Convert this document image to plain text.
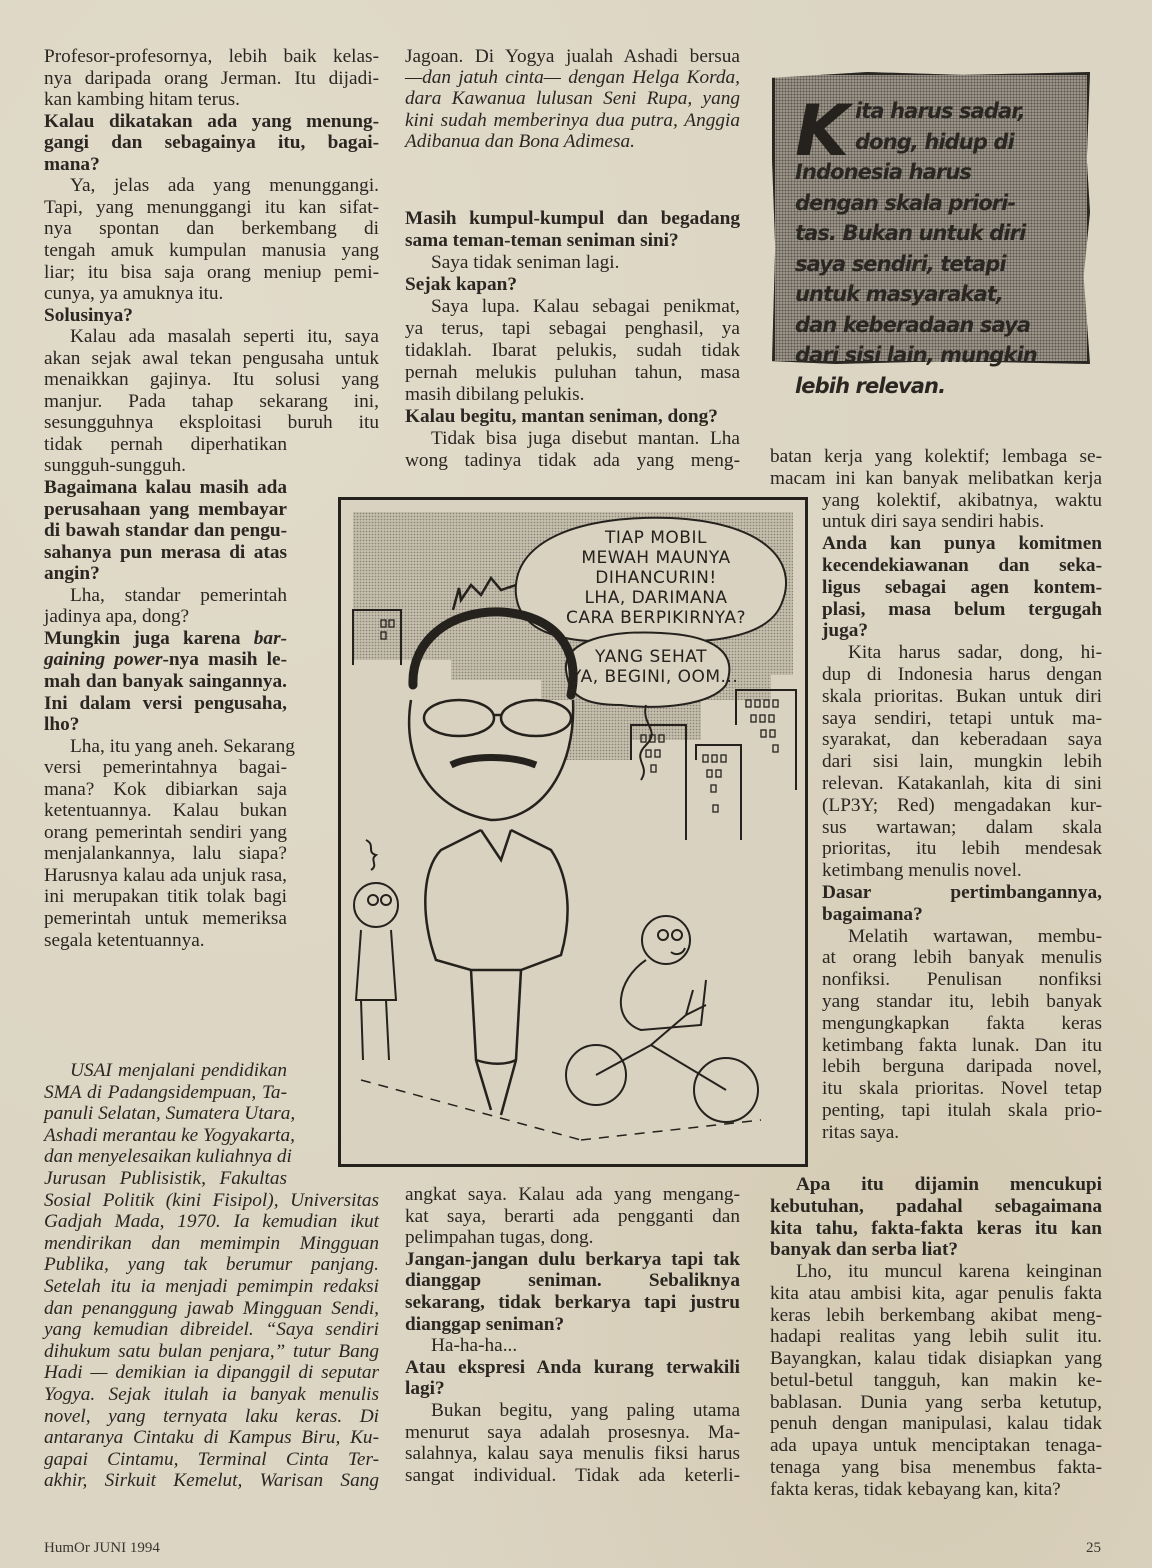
Profesor-profesornya, lebih baik kelas-
nya daripada orang Jerman. Itu dijadi-
kan kambing hitam terus.
Kalau dikatakan ada yang menung-
gangi dan sebagainya itu, bagai-
mana?
Ya, jelas ada yang menunggangi.
Tapi, yang menunggangi itu kan sifat-
nya spontan dan berkembang di
tengah amuk kumpulan manusia yang
liar; itu bisa saja orang meniup pemi-
cunya, ya amuknya itu.
Solusinya?
Kalau ada masalah seperti itu, saya
akan sejak awal tekan pengusaha untuk
menaikkan gajinya. Itu solusi yang
manjur. Pada tahap sekarang ini,
sesungguhnya eksploitasi buruh itu
tidak pernah diperhatikan
sungguh-sungguh.
Bagaimana kalau masih ada
perusahaan yang membayar
di bawah standar dan pengu-
sahanya pun merasa di atas
angin?
Lha, standar pemerintah
jadinya apa, dong?
Mungkin juga karena bar-
gaining power-nya masih le-
mah dan banyak saingannya.
Ini dalam versi pengusaha,
lho?
Lha, itu yang aneh. Sekarang
versi pemerintahnya bagai-
mana? Kok dibiarkan saja
ketentuannya. Kalau bukan
orang pemerintah sendiri yang
menjalankannya, lalu siapa?
Harusnya kalau ada unjuk rasa,
ini merupakan titik tolak bagi
pemerintah untuk memeriksa
segala ketentuannya.
USAI menjalani pendidikan
SMA di Padangsidempuan, Ta-
panuli Selatan, Sumatera Utara,
Ashadi merantau ke Yogyakarta,
dan menyelesaikan kuliahnya di
Jurusan Publisistik, Fakultas
Sosial Politik (kini Fisipol), Universitas
Gadjah Mada, 1970. Ia kemudian ikut
mendirikan dan memimpin Mingguan
Publika, yang tak berumur panjang.
Setelah itu ia menjadi pemimpin redaksi
dan penanggung jawab Mingguan Sendi,
yang kemudian dibreidel. “Saya sendiri
dihukum satu bulan penjara,” tutur Bang
Hadi — demikian ia dipanggil di seputar
Yogya. Sejak itulah ia banyak menulis
novel, yang ternyata laku keras. Di
antaranya Cintaku di Kampus Biru, Ku-
gapai Cintamu, Terminal Cinta Ter-
akhir, Sirkuit Kemelut, Warisan Sang
Jagoan. Di Yogya jualah Ashadi bersua
—dan jatuh cinta— dengan Helga Korda,
dara Kawanua lulusan Seni Rupa, yang
kini sudah memberinya dua putra, Anggia
Adibanua dan Bona Adimesa.
Masih kumpul-kumpul dan begadang
sama teman-teman seniman sini?
Saya tidak seniman lagi.
Sejak kapan?
Saya lupa. Kalau sebagai penikmat,
ya terus, tapi sebagai penghasil, ya
tidaklah. Ibarat pelukis, sudah tidak
pernah melukis puluhan tahun, masa
masih dibilang pelukis.
Kalau begitu, mantan seniman, dong?
Tidak bisa juga disebut mantan. Lha
wong tadinya tidak ada yang meng-
angkat saya. Kalau ada yang mengang-
kat saya, berarti ada pengganti dan
pelimpahan tugas, dong.
Jangan-jangan dulu berkarya tapi tak
dianggap seniman. Sebaliknya
sekarang, tidak berkarya tapi justru
dianggap seniman?
Ha-ha-ha...
Atau ekspresi Anda kurang terwakili
lagi?
Bukan begitu, yang paling utama
menurut saya adalah prosesnya. Ma-
salahnya, kalau saya menulis fiksi harus
sangat individual. Tidak ada keterli-
K ita harus sadar,
dong, hidup di
Indonesia harus
dengan skala priori-
tas. Bukan untuk diri
saya sendiri, tetapi
untuk masyarakat,
dan keberadaan saya
dari sisi lain, mungkin
lebih relevan.
batan kerja yang kolektif; lembaga se-
macam ini kan banyak melibatkan kerja
yang kolektif, akibatnya, waktu
untuk diri saya sendiri habis.
Anda kan punya komitmen
kecendekiawanan dan seka-
ligus sebagai agen kontem-
plasi, masa belum tergugah
juga?
Kita harus sadar, dong, hi-
dup di Indonesia harus dengan
skala prioritas. Bukan untuk diri
saya sendiri, tetapi untuk ma-
syarakat, dan keberadaan saya
dari sisi lain, mungkin lebih
relevan. Katakanlah, kita di sini
(LP3Y; Red) mengadakan kur-
sus wartawan; dalam skala
prioritas, itu lebih mendesak
ketimbang menulis novel.
Dasar pertimbangannya,
bagaimana?
Melatih wartawan, membu-
at orang lebih banyak menulis
nonfiksi. Penulisan nonfiksi
yang standar itu, lebih banyak
mengungkapkan fakta keras
ketimbang fakta lunak. Dan itu
lebih berguna daripada novel,
itu skala prioritas. Novel tetap
penting, tapi itulah skala prio-
ritas saya.
Apa itu dijamin mencukupi
kebutuhan, padahal sebagaimana
kita tahu, fakta-fakta keras itu kan
banyak dan serba liat?
Lho, itu muncul karena keinginan
kita atau ambisi kita, agar penulis fakta
keras lebih berkembang akibat meng-
hadapi realitas yang lebih sulit itu.
Bayangkan, kalau tidak disiapkan yang
betul-betul tangguh, kan makin ke-
bablasan. Dunia yang serba ketutup,
penuh dengan manipulasi, kalau tidak
ada upaya untuk menciptakan tenaga-
tenaga yang bisa menembus fakta-
fakta keras, tidak kebayang kan, kita?
TIAP MOBIL
MEWAH MAUNYA
DIHANCURIN!
LHA, DARIMANA
CARA BERPIKIRNYA?
YANG SEHAT
YA, BEGINI, OOM...
HumOr JUNI 1994	25
